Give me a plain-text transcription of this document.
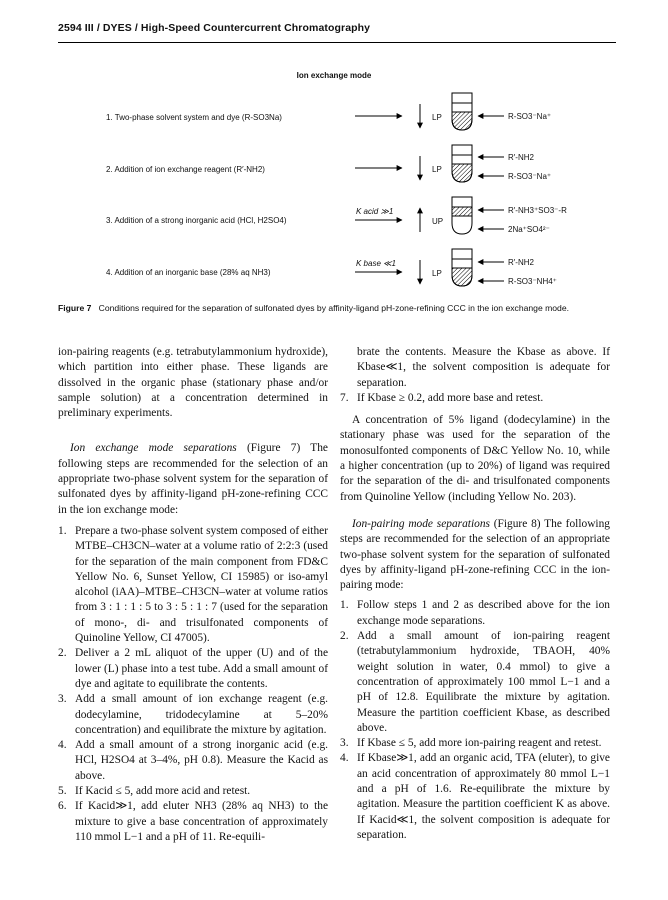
2594 III / DYES / High-Speed Countercurrent Chromatography
Ion exchange mode
1. Two-phase solvent system and dye (R-SO3Na)
2. Addition of ion exchange reagent (R′-NH2)
3. Addition of a strong inorganic acid (HCl, H2SO4)
4. Addition of an inorganic base (28% aq NH3)
K acid ≫1
K base ≪1
LP
LP
UP
LP
R-SO3⁻Na⁺
R′-NH2
R-SO3⁻Na⁺
R′-NH3⁺SO3⁻-R
2Na⁺SO4²⁻
R′-NH2
R-SO3⁻NH4⁺
Figure 7 Conditions required for the separation of sulfonated dyes by affinity-ligand pH-zone-refining CCC in the ion exchange mode.

ion-pairing reagents (e.g. tetrabutylammonium hydroxide), which partition into either phase. These ligands are dissolved in the organic phase (stationary phase and/or sample solution) at a concentration determined in preliminary experiments.

Ion exchange mode separations (Figure 7) The following steps are recommended for the selection of an appropriate two-phase solvent system for the separation of sulfonated dyes by affinity-ligand pH-zone-refining CCC in the ion exchange mode:

1. Prepare a two-phase solvent system composed of either MTBE–CH3CN–water at a volume ratio of 2:2:3 (used for the separation of the main component from FD&C Yellow No. 6, Sunset Yellow, CI 15985) or iso-amyl alcohol (iAA)–MTBE–CH3CN–water at volume ratios from 3 : 1 : 1 : 5 to 3 : 5 : 1 : 7 (used for the separation of mono-, di- and trisulfonated components of Quinoline Yellow, CI 47005).
2. Deliver a 2 mL aliquot of the upper (U) and of the lower (L) phase into a test tube. Add a small amount of dye and agitate to equilibrate the contents.
3. Add a small amount of ion exchange reagent (e.g. dodecylamine, tridodecylamine at 5–20% concentration) and equilibrate the mixture by agitation.
4. Add a small amount of a strong inorganic acid (e.g. HCl, H2SO4 at 3–4%, pH 0.8). Measure the Kacid as above.
5. If Kacid ≤ 5, add more acid and retest.
6. If Kacid≫1, add eluter NH3 (28% aq NH3) to the mixture to give a base concentration of approximately 110 mmol L−1 and a pH of 11. Re-equili-

brate the contents. Measure the Kbase as above. If Kbase≪1, the solvent composition is adequate for separation.

7. If Kbase ≥ 0.2, add more base and retest.

A concentration of 5% ligand (dodecylamine) in the stationary phase was used for the separation of the monosulfonted components of D&C Yellow No. 10, while a higher concentration (up to 20%) of ligand was required for the separation of the di- and trisulfonated components from Quinoline Yellow (including Yellow No. 203).

Ion-pairing mode separations (Figure 8) The following steps are recommended for the selection of an appropriate two-phase solvent system for the separation of sulfonated dyes by affinity-ligand pH-zone-refining CCC in the ion-pairing mode:

1. Follow steps 1 and 2 as described above for the ion exchange mode separations.
2. Add a small amount of ion-pairing reagent (tetrabutylammonium hydroxide, TBAOH, 40% weight solution in water, 0.4 mmol) to give a concentration of approximately 100 mmol L−1 and a pH of 12.8. Equilibrate the mixture by agitation. Measure the partition coefficient Kbase, as described above.
3. If Kbase ≤ 5, add more ion-pairing reagent and retest.
4. If Kbase≫1, add an organic acid, TFA (eluter), to give an acid concentration of approximately 80 mmol L−1 and a pH of 1.6. Re-equilibrate the mixture by agitation. Measure the partition coefficient K as above. If Kacid≪1, the solvent composition is adequate for separation.
